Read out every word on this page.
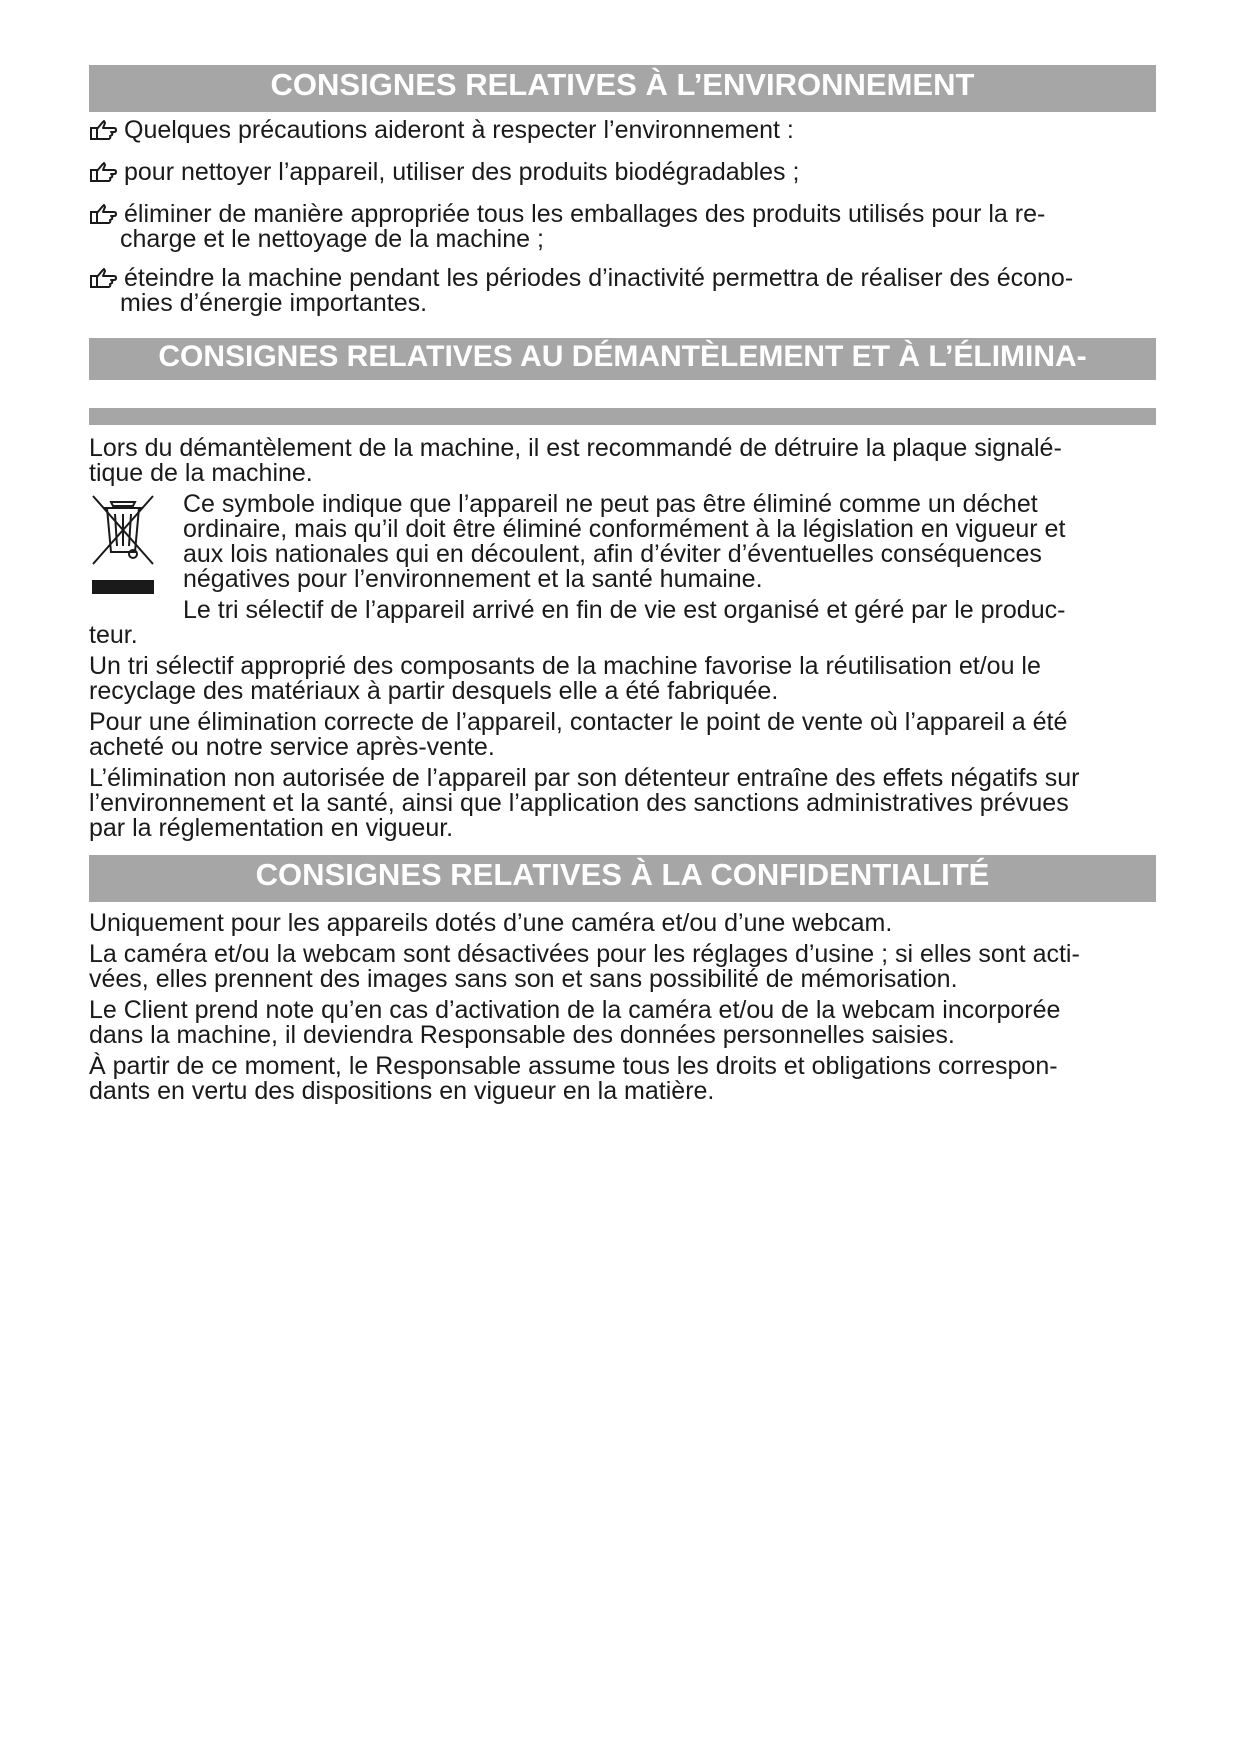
CONSIGNES RELATIVES À L’ENVIRONNEMENT
Quelques précautions aideront à respecter l’environnement :
pour nettoyer l’appareil, utiliser des produits biodégradables ;
éliminer de manière appropriée tous les emballages des produits utilisés pour la re-
charge et le nettoyage de la machine ;
éteindre la machine pendant les périodes d’inactivité permettra de réaliser des écono-
mies d’énergie importantes.
CONSIGNES RELATIVES AU DÉMANTÈLEMENT ET À L’ÉLIMINA-
Lors du démantèlement de la machine, il est recommandé de détruire la plaque signalé-
tique de la machine.
Ce symbole indique que l’appareil ne peut pas être éliminé comme un déchet
ordinaire, mais qu’il doit être éliminé conformément à la législation en vigueur et
aux lois nationales qui en découlent, afin d’éviter d’éventuelles conséquences
négatives pour l’environnement et la santé humaine.
Le tri sélectif de l’appareil arrivé en fin de vie est organisé et géré par le produc-
teur.
Un tri sélectif approprié des composants de la machine favorise la réutilisation et/ou le
recyclage des matériaux à partir desquels elle a été fabriquée.
Pour une élimination correcte de l’appareil, contacter le point de vente où l’appareil a été
acheté ou notre service après-vente.
L’élimination non autorisée de l’appareil par son détenteur entraîne des effets négatifs sur
l’environnement et la santé, ainsi que l’application des sanctions administratives prévues
par la réglementation en vigueur.
CONSIGNES RELATIVES À LA CONFIDENTIALITÉ
Uniquement pour les appareils dotés d’une caméra et/ou d’une webcam.
La caméra et/ou la webcam sont désactivées pour les réglages d’usine ; si elles sont acti-
vées, elles prennent des images sans son et sans possibilité de mémorisation.
Le Client prend note qu’en cas d’activation de la caméra et/ou de la webcam incorporée
dans la machine, il deviendra Responsable des données personnelles saisies.
À partir de ce moment, le Responsable assume tous les droits et obligations correspon-
dants en vertu des dispositions en vigueur en la matière.
